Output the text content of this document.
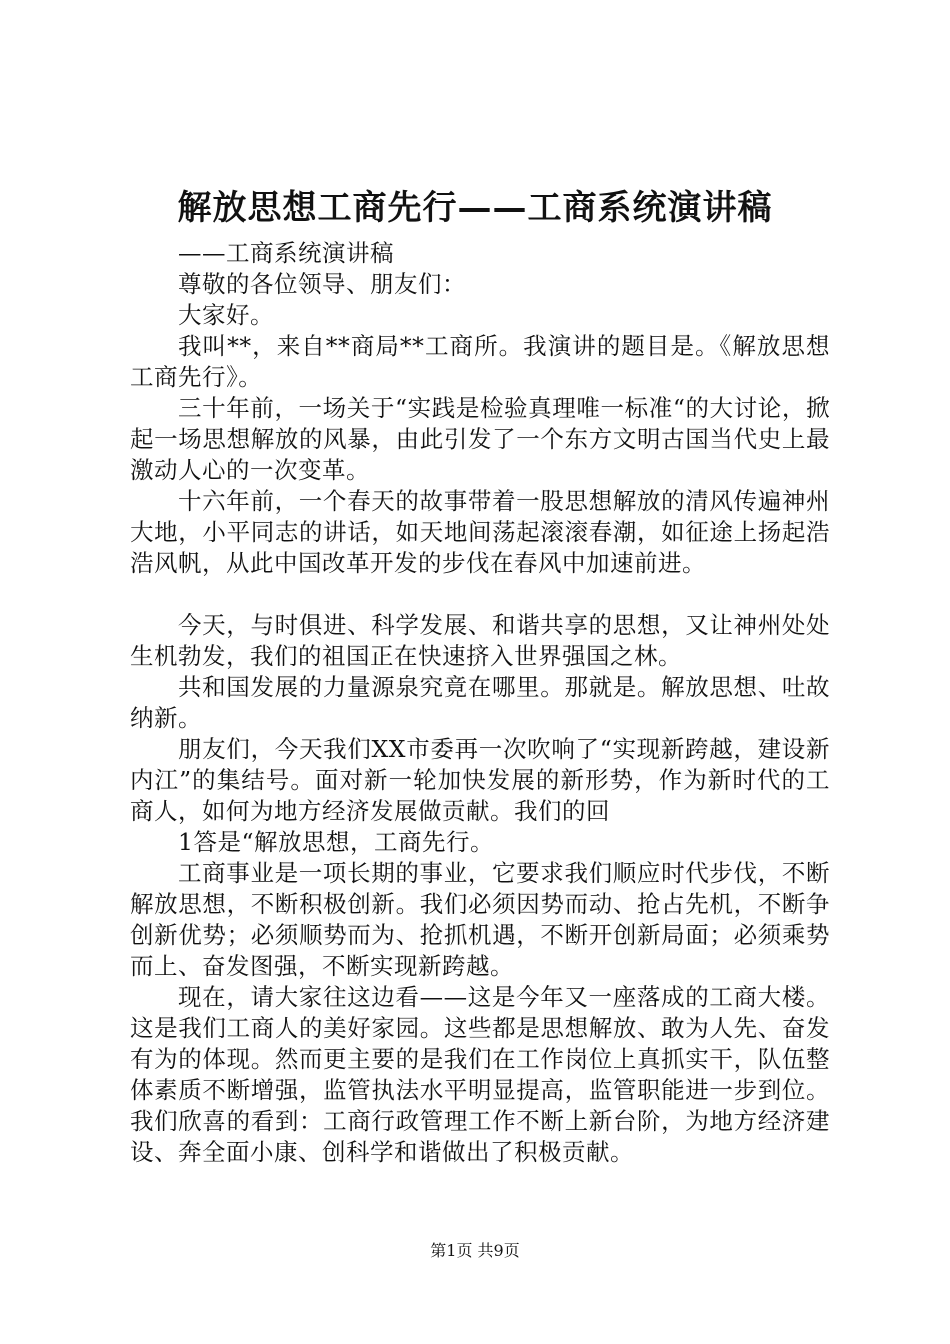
解放思想工商先行——工商系统演讲稿

——工商系统演讲稿

尊敬的各位领导、朋友们：

大家好。

我叫**，来自**商局**工商所。我演讲的题目是。《解放思想工商先行》。

三十年前，一场关于“实践是检验真理唯一标准“的大讨论，掀起一场思想解放的风暴，由此引发了一个东方文明古国当代史上最激动人心的一次变革。

十六年前，一个春天的故事带着一股思想解放的清风传遍神州大地，小平同志的讲话，如天地间荡起滚滚春潮，如征途上扬起浩浩风帆，从此中国改革开发的步伐在春风中加速前进。

今天，与时俱进、科学发展、和谐共享的思想，又让神州处处生机勃发，我们的祖国正在快速挤入世界强国之林。

共和国发展的力量源泉究竟在哪里。那就是。解放思想、吐故纳新。

朋友们，今天我们XX市委再一次吹响了“实现新跨越，建设新内江”的集结号。面对新一轮加快发展的新形势，作为新时代的工商人，如何为地方经济发展做贡献。我们的回

1答是“解放思想，工商先行。

工商事业是一项长期的事业，它要求我们顺应时代步伐，不断解放思想，不断积极创新。我们必须因势而动、抢占先机，不断争创新优势；必须顺势而为、抢抓机遇，不断开创新局面；必须乘势而上、奋发图强，不断实现新跨越。

现在，请大家往这边看——这是今年又一座落成的工商大楼。这是我们工商人的美好家园。这些都是思想解放、敢为人先、奋发有为的体现。然而更主要的是我们在工作岗位上真抓实干，队伍整体素质不断增强，监管执法水平明显提高，监管职能进一步到位。我们欣喜的看到：工商行政管理工作不断上新台阶，为地方经济建设、奔全面小康、创科学和谐做出了积极贡献。

第1页 共9页
